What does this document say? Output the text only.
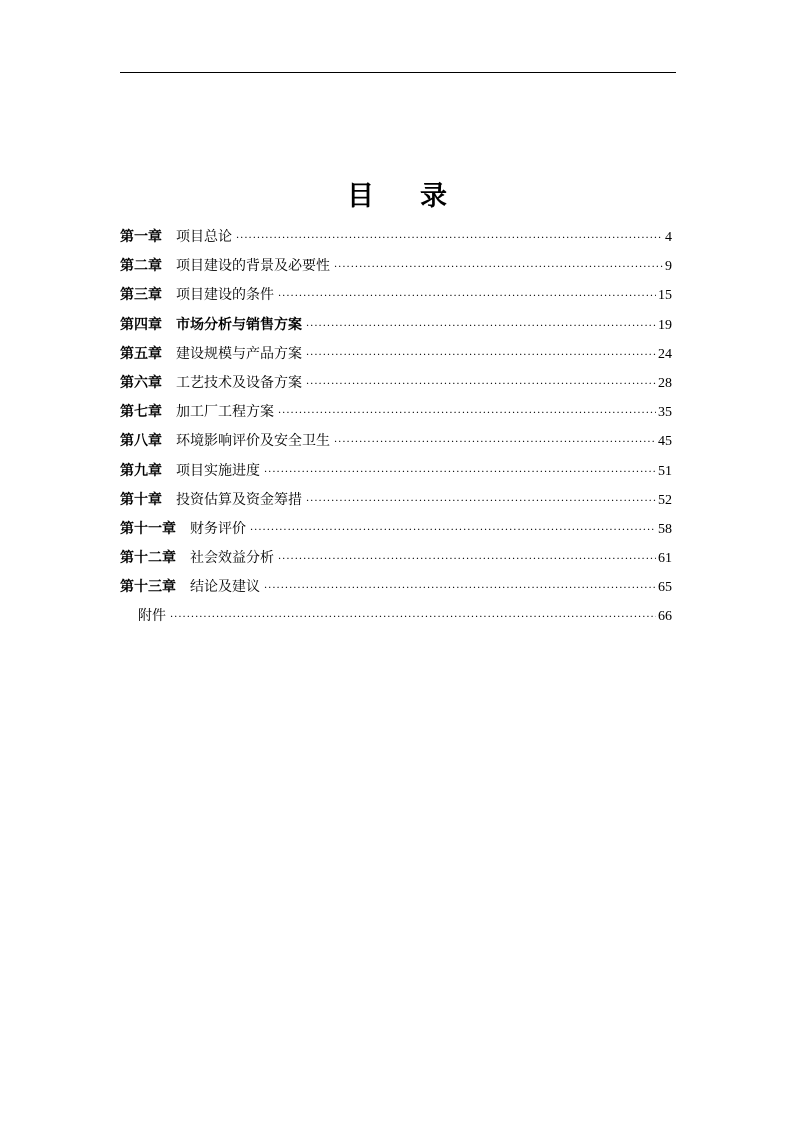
目 录
第一章 项目总论 ·····	4
第二章 项目建设的背景及必要性 ·····	9
第三章 项目建设的条件 ·····	15
第四章 市场分析与销售方案 ·····	19
第五章 建设规模与产品方案 ·····	24
第六章 工艺技术及设备方案 ·····	28
第七章 加工厂工程方案 ·····	35
第八章 环境影响评价及安全卫生 ·····	45
第九章 项目实施进度 ·····	51
第十章 投资估算及资金筹措 ·····	52
第十一章 财务评价 ·····	58
第十二章 社会效益分析 ·····	61
第十三章 结论及建议 ·····	65
附件 ·····	66
